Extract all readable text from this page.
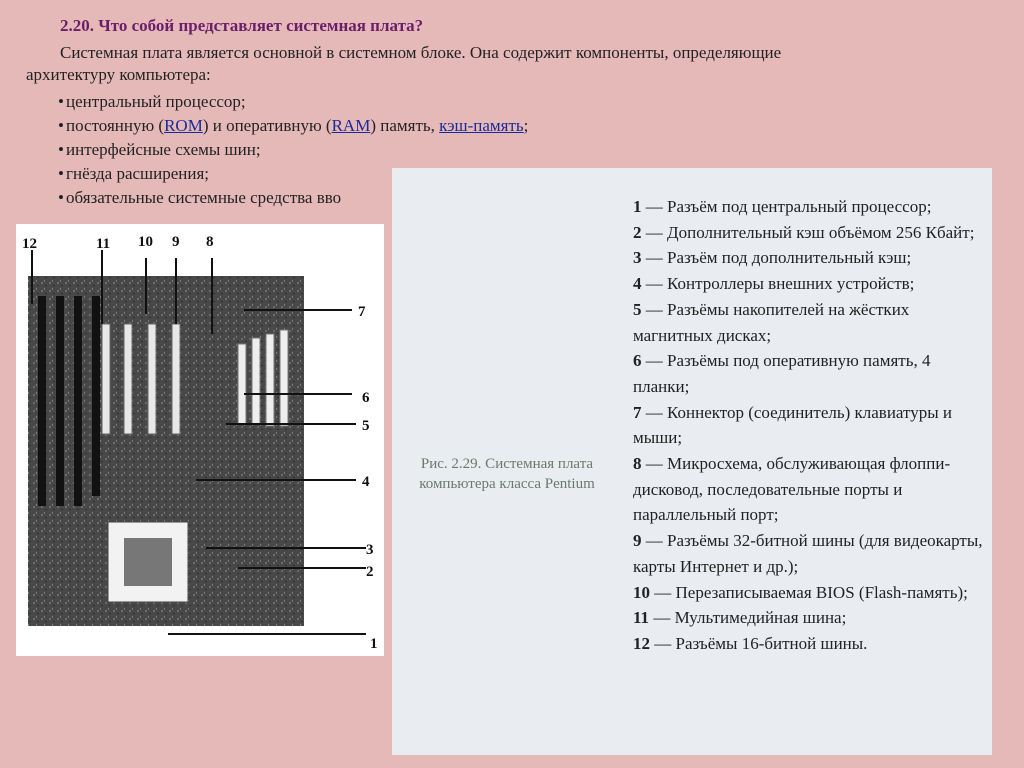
2.20. Что собой представляет системная плата?
Системная плата является основной в системном блоке. Она содержит компоненты, определяющие
архитектуру компьютера:
• центральный процессор;
• постоянную (ROM) и оперативную (RAM) память, кэш-память;
• интерфейсные схемы шин;
• гнёзда расширения;
• обязательные системные средства вво
12	11 10 9 8
7
6
5
4
3
2
1
Рис. 2.29. Системная плата компьютера класса Pentium
1 — Разъём под центральный процессор;
2 — Дополнительный кэш объёмом 256 Кбайт;
3 — Разъём под дополнительный кэш;
4 — Контроллеры внешних устройств;
5 — Разъёмы накопителей на жёстких магнитных дисках;
6 — Разъёмы под оперативную память, 4 планки;
7 — Коннектор (соединитель) клавиатуры и мыши;
8 — Микросхема, обслуживающая флоппи-дисковод, последовательные порты и параллельный порт;
9 — Разъёмы 32-битной шины (для видеокарты, карты Интернет и др.);
10 — Перезаписываемая BIOS (Flash-память);
11 — Мультимедийная шина;
12 — Разъёмы 16-битной шины.
